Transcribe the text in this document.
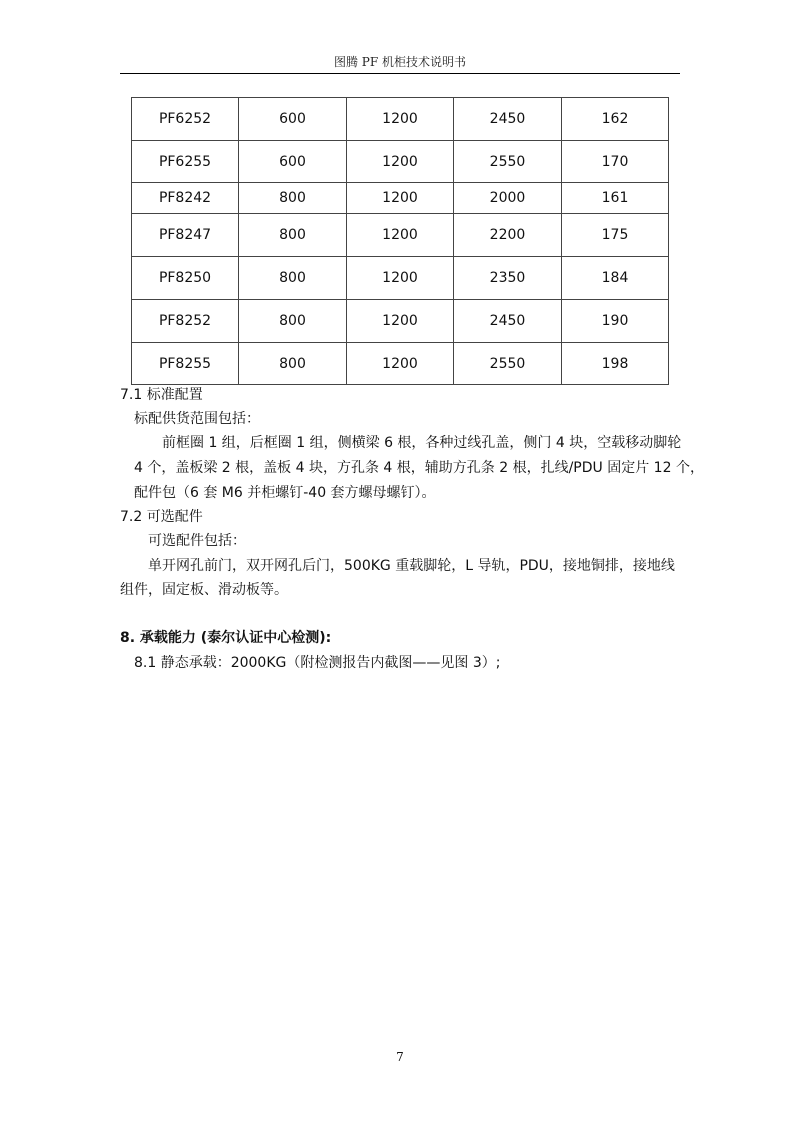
图腾 PF 机柜技术说明书
PF6252	600	1200	2450	162
PF6255	600	1200	2550	170
PF8242	800	1200	2000	161
PF8247	800	1200	2200	175
PF8250	800	1200	2350	184
PF8252	800	1200	2450	190
PF8255	800	1200	2550	198
7.1 标准配置
标配供货范围包括：
前框圈 1 组，后框圈 1 组，侧横梁 6 根，各种过线孔盖，侧门 4 块，空载移动脚轮
4 个，盖板梁 2 根，盖板 4 块，方孔条 4 根，辅助方孔条 2 根，扎线/PDU 固定片 12 个，
配件包（6 套 M6 并柜螺钉-40 套方螺母螺钉）。
7.2 可选配件
可选配件包括：
单开网孔前门，双开网孔后门，500KG 重载脚轮，L 导轨，PDU，接地铜排，接地线
组件，固定板、滑动板等。
8. 承载能力 (泰尔认证中心检测):
8.1 静态承载：2000KG（附检测报告内截图——见图 3）;
7
